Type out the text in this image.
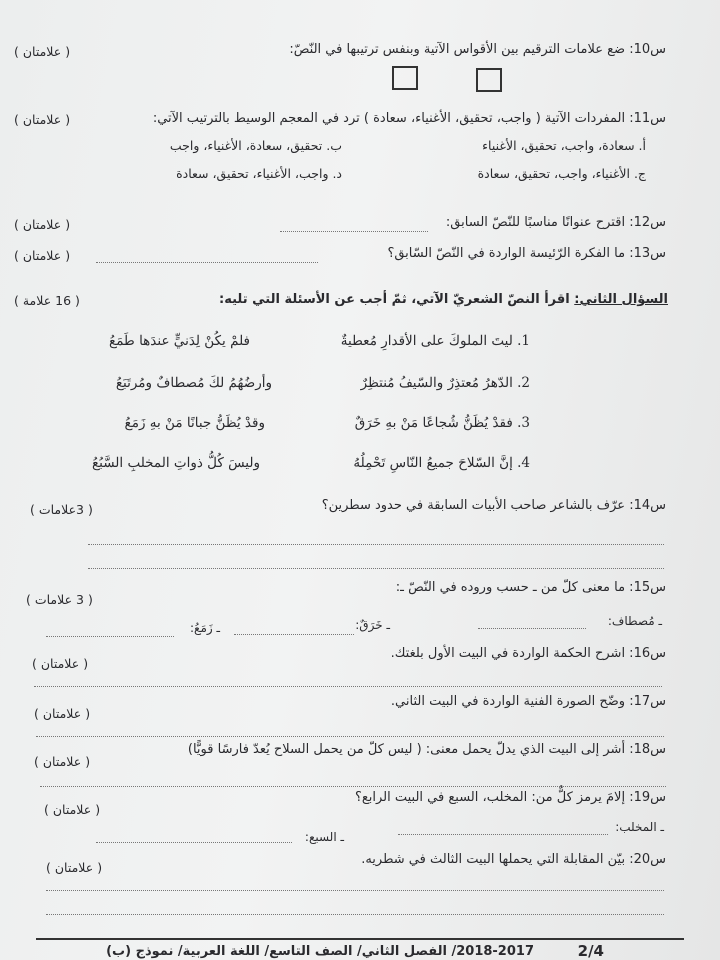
س10: ضع علامات الترقيم بين الأقواس الآتية وبنفس ترتيبها في النّصّ:
( علامتان )
س11: المفردات الآتية ( واجب، تحقيق، الأغنياء، سعادة ) ترد في المعجم الوسيط بالترتيب الآتي:
( علامتان )
أ. سعادة، واجب، تحقيق، الأغنياء
ب. تحقيق، سعادة، الأغنياء، واجب
ج. الأغنياء، واجب، تحقيق، سعادة
د. واجب، الأغنياء، تحقيق، سعادة
س12: اقترح عنوانًا مناسبًا للنّصّ السابق:
( علامتان )
س13: ما الفكرة الرّئيسة الواردة في النّصّ السّابق؟
( علامتان )
السؤال الثاني: اقرأ النصّ الشعريّ الآتي، ثمّ أجب عن الأسئلة التي تليه:
( 16 علامة )
1. ليتَ الملوكَ على الأقدارِ مُعطيةٌ
فلمْ يكُنْ لِدَنيٍّ عندَها طَمَعُ
2. الدّهرُ مُعتذِرٌ والسّيفُ مُنتظِرٌ
وأرضُهُمُ لكَ مُصطافٌ ومُرتَبَعُ
3. فقدْ يُظَنُّ شُجاعًا مَنْ بهِ خَرَقٌ
وقدْ يُظَنُّ جبانًا مَنْ بهِ زَمَعُ
4. إنَّ السّلاحَ جميعُ النّاسِ تَحْمِلُهُ
وليسَ كُلُّ ذواتِ المخلبِ السَّبُعُ
س14: عرّف بالشاعر صاحب الأبيات السابقة في حدود سطرين؟
( 3علامات )
س15: ما معنى كلّ من ـ حسب وروده في النّصّ ـ:
( 3 علامات )
ـ مُصطاف:
ـ خَرَقٌ:
ـ زَمَعُ:
س16: اشرح الحكمة الواردة في البيت الأول بلغتك.
( علامتان )
س17: وضّح الصورة الفنية الواردة في البيت الثاني.
( علامتان )
س18: أشر إلى البيت الذي يدلّ يحمل معنى: ( ليس كلّ من يحمل السلاح يُعدّ فارسًا قويًّا)
( علامتان )
س19: إلامَ يرمز كلٌّ من: المخلب، السبع في البيت الرابع؟
( علامتان )
ـ المخلب:
ـ السبع:
س20: بيّن المقابلة التي يحملها البيت الثالث في شطريه.
( علامتان )
2018-2017/ الفصل الثاني/ الصف التاسع/ اللغة العربية/ نموذج (ب)	2/4
